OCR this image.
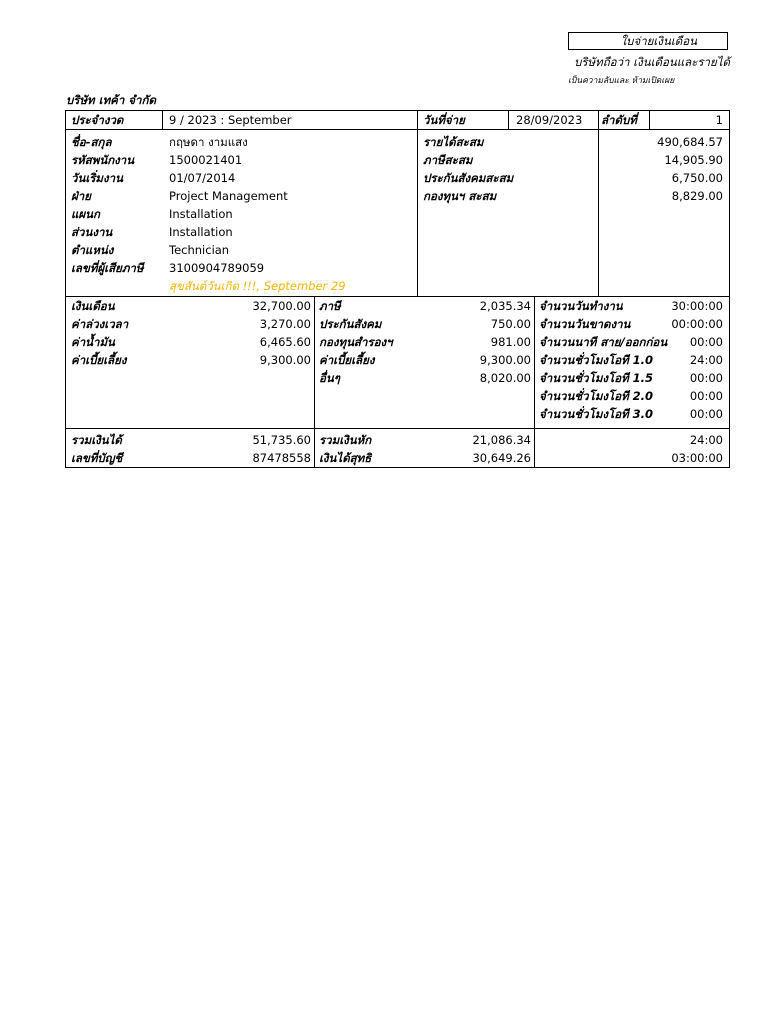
ใบจ่ายเงินเดือน
บริษัทถือว่า เงินเดือนและรายได้
เป็นความลับและ ห้ามเปิดเผย
บริษัท เทค้า จำกัด
ประจำงวด	9 / 2023 : September	วันที่จ่าย	28/09/2023 ลำดับที่	1
ชื่อ-สกุล	กฤษดา งามแสง
รหัสพนักงาน	1500021401
วันเริ่มงาน	01/07/2014
ฝ่าย	Project Management
แผนก	Installation
ส่วนงาน	Installation
ตำแหน่ง	Technician
เลขที่ผู้เสียภาษี 3100904789059
สุขสันต์วันเกิด !!!, September 29
รายได้สะสม	490,684.57
ภาษีสะสม	14,905.90
ประกันสังคมสะสม	6,750.00
กองทุนฯ สะสม	8,829.00
เงินเดือน	32,700.00
ค่าล่วงเวลา	3,270.00
ค่าน้ำมัน	6,465.60
ค่าเบี้ยเลี้ยง	9,300.00
ภาษี	2,035.34
ประกันสังคม	750.00
กองทุนสำรองฯ	981.00
ค่าเบี้ยเลี้ยง	9,300.00
อื่นๆ	8,020.00
จำนวนวันทำงาน	30:00:00
จำนวนวันขาดงาน	00:00:00
จำนวนนาที สาย/ออกก่อน	00:00
จำนวนชั่วโมงโอที 1.0	24:00
จำนวนชั่วโมงโอที 1.5	00:00
จำนวนชั่วโมงโอที 2.0	00:00
จำนวนชั่วโมงโอที 3.0	00:00
รวมเงินได้	51,735.60
เลขที่บัญชี	87478558
รวมเงินหัก	21,086.34
เงินได้สุทธิ	30,649.26
24:00
03:00:00
